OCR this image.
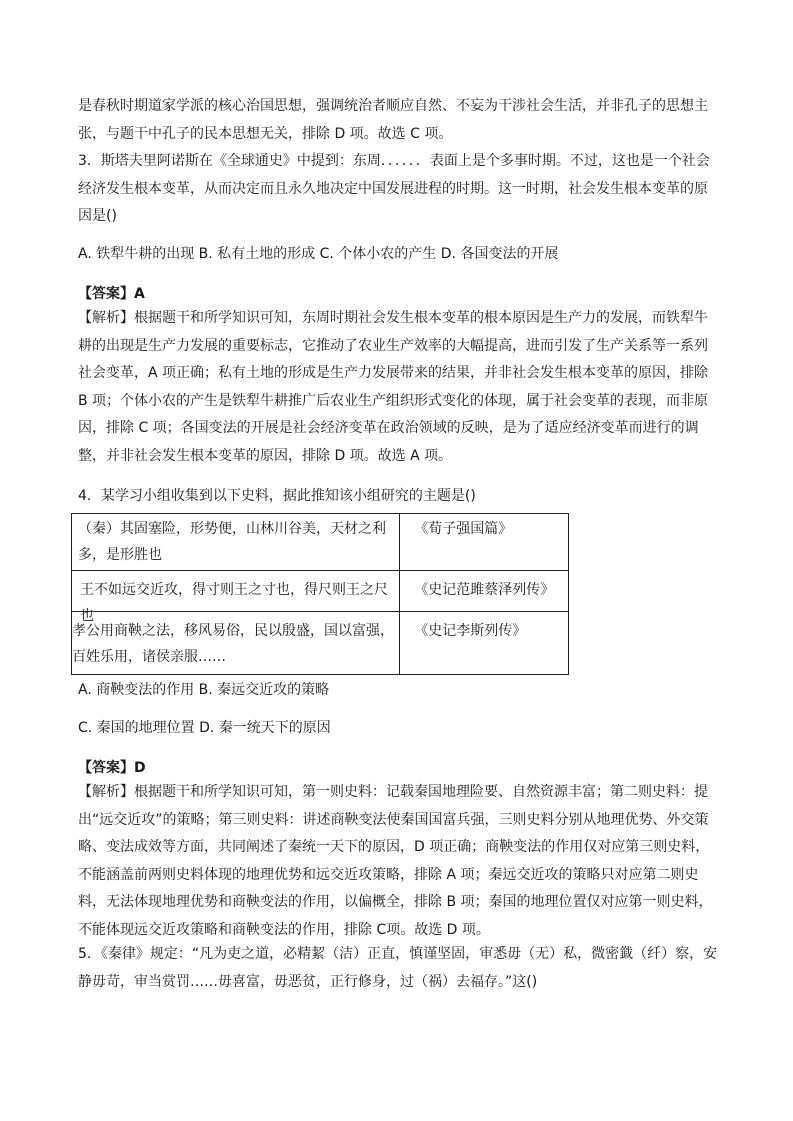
是春秋时期道家学派的核心治国思想，强调统治者顺应自然、不妄为干涉社会生活，并非孔子的思想主张，与题干中孔子的民本思想无关，排除 D 项。故选 C 项。

3．斯塔夫里阿诺斯在《全球通史》中提到：东周．．．．．．表面上是个多事时期。不过，这也是一个社会经济发生根本变革，从而决定而且永久地决定中国发展进程的时期。这一时期，社会发生根本变革的原因是()

A. 铁犁牛耕的出现 B. 私有土地的形成 C. 个体小农的产生 D. 各国变法的开展

【答案】A

【解析】根据题干和所学知识可知，东周时期社会发生根本变革的根本原因是生产力的发展，而铁犁牛耕的出现是生产力发展的重要标志，它推动了农业生产效率的大幅提高，进而引发了生产关系等一系列社会变革，A 项正确；私有土地的形成是生产力发展带来的结果，并非社会发生根本变革的原因，排除 B 项；个体小农的产生是铁犁牛耕推广后农业生产组织形式变化的体现，属于社会变革的表现，而非原因，排除 C 项；各国变法的开展是社会经济变革在政治领域的反映，是为了适应经济变革而进行的调整，并非社会发生根本变革的原因，排除 D 项。故选 A 项。

4．某学习小组收集到以下史料，据此推知该小组研究的主题是()

（秦）其固塞险，形势便，山林川谷美，天材之利多，是形胜也	《荀子强国篇》

王不如远交近攻，得寸则王之寸也，得尺则王之尺也	《史记范雎蔡泽列传》

孝公用商鞅之法，移风易俗，民以殷盛，国以富强，百姓乐用，诸侯亲服……	《史记李斯列传》

A. 商鞅变法的作用 B. 秦远交近攻的策略

C. 秦国的地理位置 D. 秦一统天下的原因

【答案】D

【解析】根据题干和所学知识可知，第一则史料：记载秦国地理险要、自然资源丰富；第二则史料：提出“远交近攻”的策略；第三则史料：讲述商鞅变法使秦国国富兵强，三则史料分别从地理优势、外交策略、变法成效等方面，共同阐述了秦统一天下的原因，D 项正确；商鞅变法的作用仅对应第三则史料，不能涵盖前两则史料体现的地理优势和远交近攻策略，排除 A 项；秦远交近攻的策略只对应第二则史料，无法体现地理优势和商鞅变法的作用，以偏概全，排除 B 项；秦国的地理位置仅对应第一则史料，不能体现远交近攻策略和商鞅变法的作用，排除 C项。故选 D 项。

5．《秦律》规定：“凡为吏之道，必精絜（洁）正直，慎谨坚固，审悉毋（无）私，微密韱（纤）察，安静毋苛，审当赏罚……毋喜富，毋恶贫，正行修身，过（祸）去福存。”这()
